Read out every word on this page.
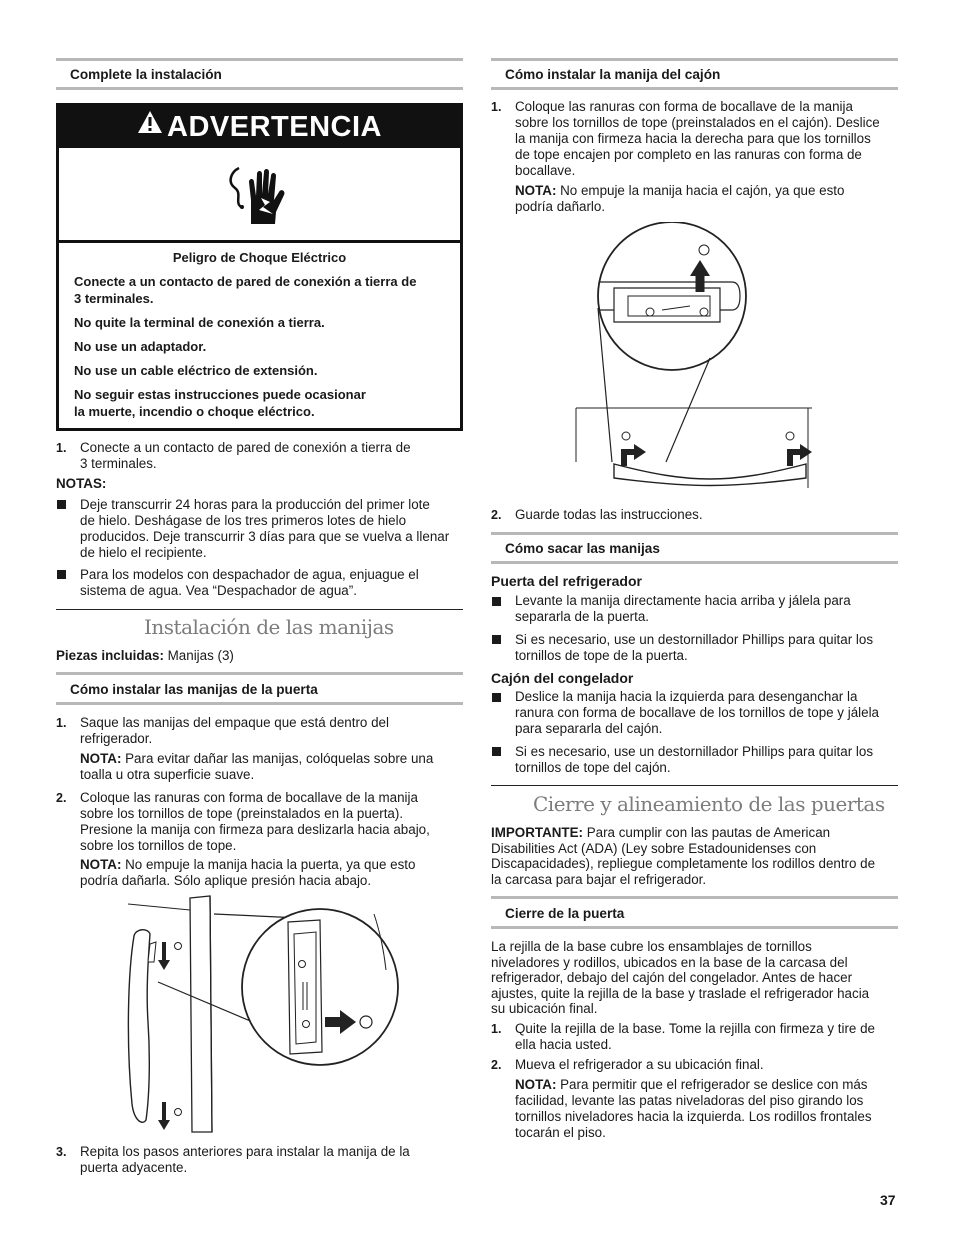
Complete la instalación
ADVERTENCIA
Peligro de Choque Eléctrico
Conecte a un contacto de pared de conexión a tierra de
3 terminales.
No quite la terminal de conexión a tierra.
No use un adaptador.
No use un cable eléctrico de extensión.
No seguir estas instrucciones puede ocasionar
la muerte, incendio o choque eléctrico.
1. Conecte a un contacto de pared de conexión a tierra de
3 terminales.
NOTAS:
Deje transcurrir 24 horas para la producción del primer lote
de hielo. Deshágase de los tres primeros lotes de hielo
producidos. Deje transcurrir 3 días para que se vuelva a llenar
de hielo el recipiente.
Para los modelos con despachador de agua, enjuague el
sistema de agua. Vea “Despachador de agua”.
Instalación de las manijas
Piezas incluidas: Manijas (3)
Cómo instalar las manijas de la puerta
1. Saque las manijas del empaque que está dentro del
refrigerador.
NOTA: Para evitar dañar las manijas, colóquelas sobre una
toalla u otra superficie suave.
2. Coloque las ranuras con forma de bocallave de la manija
sobre los tornillos de tope (preinstalados en la puerta).
Presione la manija con firmeza para deslizarla hacia abajo,
sobre los tornillos de tope.
NOTA: No empuje la manija hacia la puerta, ya que esto
podría dañarla. Sólo aplique presión hacia abajo.
3. Repita los pasos anteriores para instalar la manija de la
puerta adyacente.
Cómo instalar la manija del cajón
1. Coloque las ranuras con forma de bocallave de la manija
sobre los tornillos de tope (preinstalados en el cajón). Deslice
la manija con firmeza hacia la derecha para que los tornillos
de tope encajen por completo en las ranuras con forma de
bocallave.
NOTA: No empuje la manija hacia el cajón, ya que esto
podría dañarlo.
2. Guarde todas las instrucciones.
Cómo sacar las manijas
Puerta del refrigerador
Levante la manija directamente hacia arriba y jálela para
separarla de la puerta.
Si es necesario, use un destornillador Phillips para quitar los
tornillos de tope de la puerta.
Cajón del congelador
Deslice la manija hacia la izquierda para desenganchar la
ranura con forma de bocallave de los tornillos de tope y jálela
para separarla del cajón.
Si es necesario, use un destornillador Phillips para quitar los
tornillos de tope del cajón.
Cierre y alineamiento de las puertas
IMPORTANTE: Para cumplir con las pautas de American
Disabilities Act (ADA) (Ley sobre Estadounidenses con
Discapacidades), repliegue completamente los rodillos dentro de
la carcasa para bajar el refrigerador.
Cierre de la puerta
La rejilla de la base cubre los ensamblajes de tornillos
niveladores y rodillos, ubicados en la base de la carcasa del
refrigerador, debajo del cajón del congelador. Antes de hacer
ajustes, quite la rejilla de la base y traslade el refrigerador hacia
su ubicación final.
1. Quite la rejilla de la base. Tome la rejilla con firmeza y tire de
ella hacia usted.
2. Mueva el refrigerador a su ubicación final.
NOTA: Para permitir que el refrigerador se deslice con más
facilidad, levante las patas niveladoras del piso girando los
tornillos niveladores hacia la izquierda. Los rodillos frontales
tocarán el piso.
37
